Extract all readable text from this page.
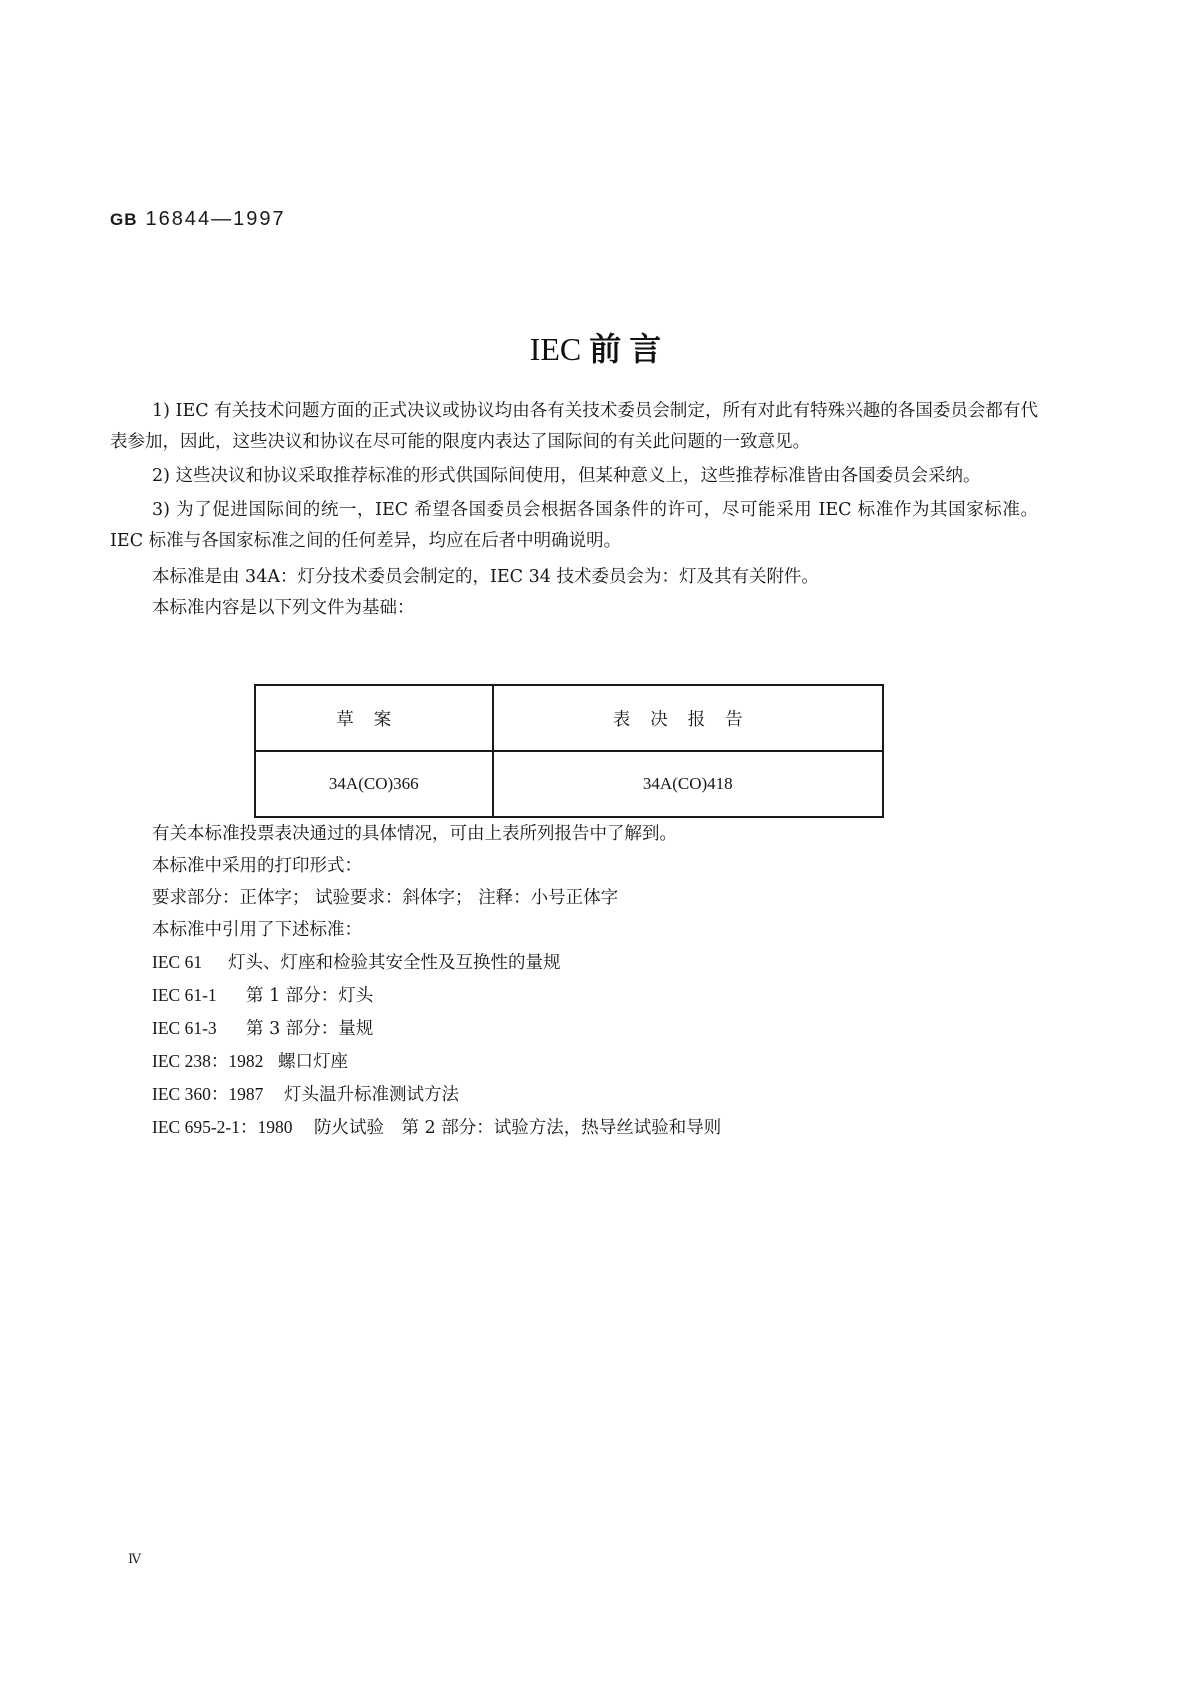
GB 16844—1997
IEC 前 言

1) IEC 有关技术问题方面的正式决议或协议均由各有关技术委员会制定，所有对此有特殊兴趣的各国委员会都有代表参加，因此，这些决议和协议在尽可能的限度内表达了国际间的有关此问题的一致意见。

2) 这些决议和协议采取推荐标准的形式供国际间使用，但某种意义上，这些推荐标准皆由各国委员会采纳。

3) 为了促进国际间的统一，IEC 希望各国委员会根据各国条件的许可，尽可能采用 IEC 标准作为其国家标准。IEC 标准与各国家标准之间的任何差异，均应在后者中明确说明。

本标准是由 34A：灯分技术委员会制定的，IEC 34 技术委员会为：灯及其有关附件。

本标准内容是以下列文件为基础：

草案	表决报告
34A(CO)366	34A(CO)418

有关本标准投票表决通过的具体情况，可由上表所列报告中了解到。

本标准中采用的打印形式：

要求部分：正体字； 试验要求：斜体字； 注释：小号正体字

本标准中引用了下述标准：

IEC 61 灯头、灯座和检验其安全性及互换性的量规

IEC 61-1 第 1 部分：灯头

IEC 61-3 第 3 部分：量规

IEC 238：1982 螺口灯座

IEC 360：1987 灯头温升标准测试方法

IEC 695-2-1：1980 防火试验　第 2 部分：试验方法，热导丝试验和导则

Ⅳ
